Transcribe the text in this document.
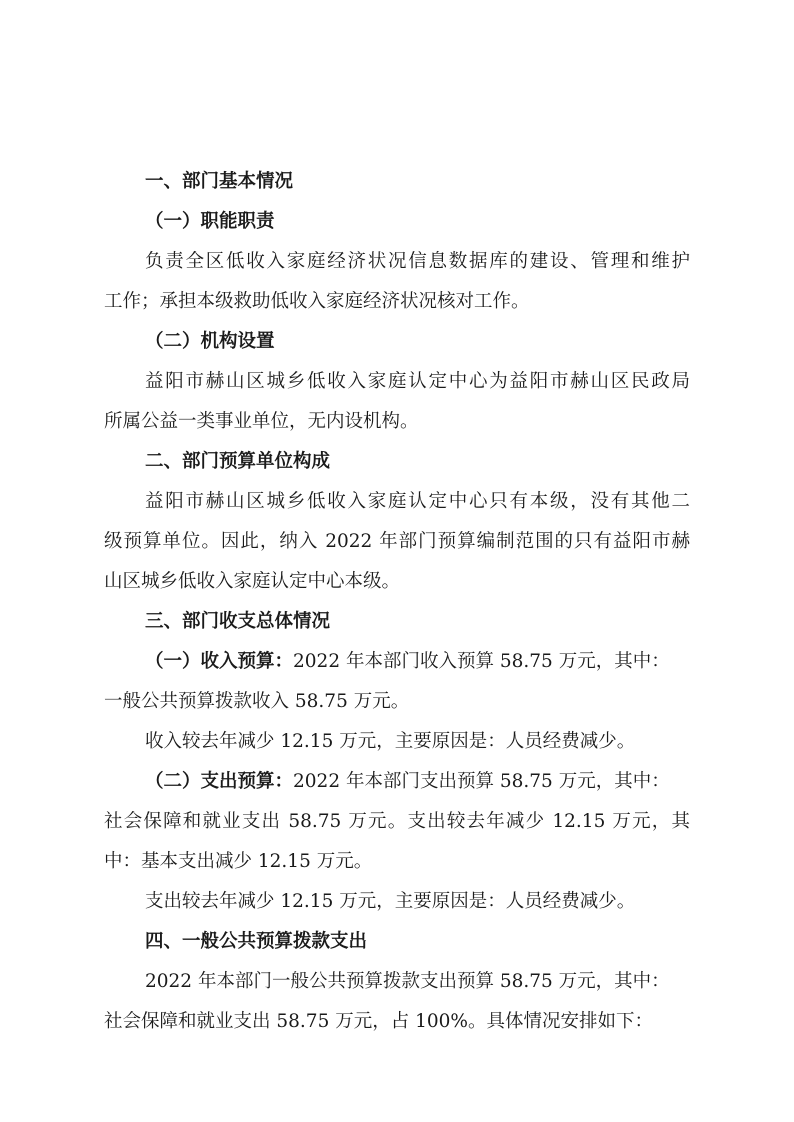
一、部门基本情况
（一）职能职责
负责全区低收入家庭经济状况信息数据库的建设、管理和维护
工作；承担本级救助低收入家庭经济状况核对工作。
（二）机构设置
益阳市赫山区城乡低收入家庭认定中心为益阳市赫山区民政局
所属公益一类事业单位，无内设机构。
二、部门预算单位构成
益阳市赫山区城乡低收入家庭认定中心只有本级，没有其他二
级预算单位。因此，纳入 2022 年部门预算编制范围的只有益阳市赫
山区城乡低收入家庭认定中心本级。
三、部门收支总体情况
（一）收入预算：2022 年本部门收入预算 58.75 万元，其中：
一般公共预算拨款收入 58.75 万元。
收入较去年减少 12.15 万元，主要原因是：人员经费减少。
（二）支出预算：2022 年本部门支出预算 58.75 万元，其中：
社会保障和就业支出 58.75 万元。支出较去年减少 12.15 万元，其
中：基本支出减少 12.15 万元。
支出较去年减少 12.15 万元，主要原因是：人员经费减少。
四、一般公共预算拨款支出
2022 年本部门一般公共预算拨款支出预算 58.75 万元，其中：
社会保障和就业支出 58.75 万元，占 100%。具体情况安排如下：
